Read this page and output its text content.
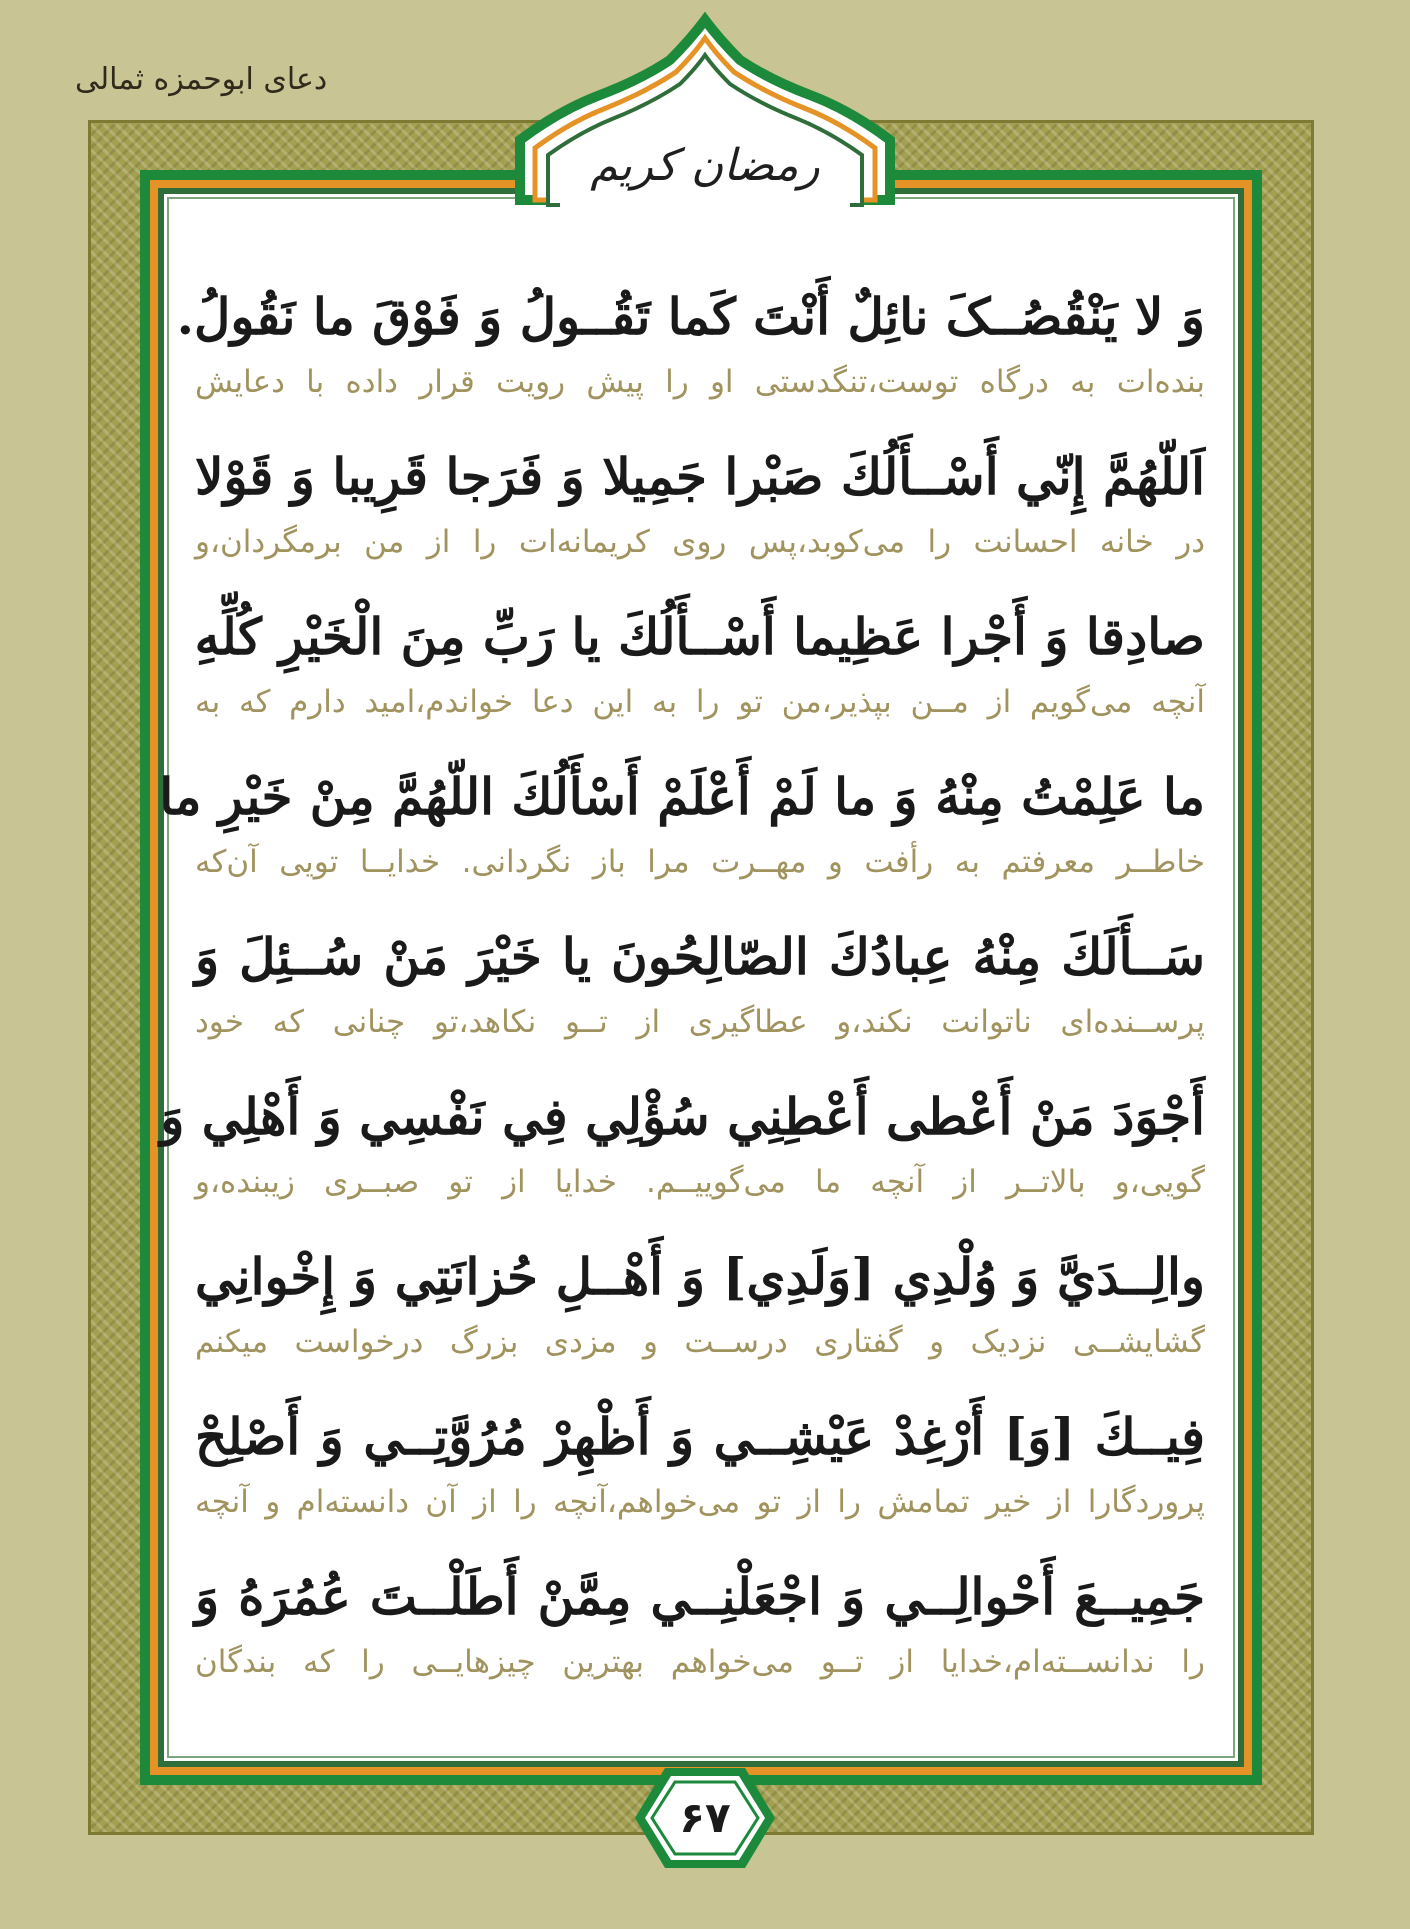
دعای ابوحمزه ثمالی
رمضان کریم
وَ لا یَنْقُصُــکَ نائِلٌ أَنْتَ کَما تَقُــولُ وَ فَوْقَ ما نَقُولُ.
بنده‌ات به درگاه توست،تنگدستی او را پیش رویت قرار داده با دعایش
اَللّهُمَّ إِنّي أَسْــأَلُكَ صَبْرا جَمِيلا وَ فَرَجا قَرِيبا وَ قَوْلا
در خانه احسانت را می‌کوبد،پس روی کریمانه‌ات را از من برمگردان،و
صادِقا وَ أَجْرا عَظِيما أَسْــأَلُكَ يا رَبِّ مِنَ الْخَيْرِ كُلِّهِ
آنچه می‌گویم از مــن بپذیر،من تو را به این دعا خواندم،امید دارم که به
ما عَلِمْتُ مِنْهُ وَ ما لَمْ أَعْلَمْ أَسْأَلُكَ اللّهُمَّ مِنْ خَيْرِ ما
خاطــر معرفتم به رأفت و مهــرت مرا باز نگردانی. خدایــا تویی آن‌که
سَــأَلَكَ مِنْهُ عِبادُكَ الصّالِحُونَ يا خَيْرَ مَنْ سُــئِلَ وَ
پرســنده‌ای ناتوانت نکند،و عطاگیری از تــو نکاهد،تو چنانی که خود
أَجْوَدَ مَنْ أَعْطى أَعْطِنِي سُؤْلِي فِي نَفْسِي وَ أَهْلِي وَ
گویی،و بالاتــر از آنچه ما می‌گوییــم. خدایا از تو صبــری زیبنده،و
والِــدَيَّ وَ وُلْدِي [وَلَدِي] وَ أَهْــلِ حُزانَتِي وَ إِخْوانِي
گشایشــی نزدیک و گفتاری درســت و مزدی بزرگ درخواست میکنم
فِيــكَ [وَ] أَرْغِدْ عَيْشِــي وَ أَظْهِرْ مُرُوَّتِــي وَ أَصْلِحْ
پروردگارا از خیر تمامش را از تو می‌خواهم،آنچه را از آن دانسته‌ام و آنچه
جَمِيــعَ أَحْوالِــي وَ اجْعَلْنِــي مِمَّنْ أَطَلْــتَ عُمُرَهُ وَ
را ندانســته‌ام،خدایا از تــو می‌خواهم بهترین چیزهایــی را که بندگان
۶۷
